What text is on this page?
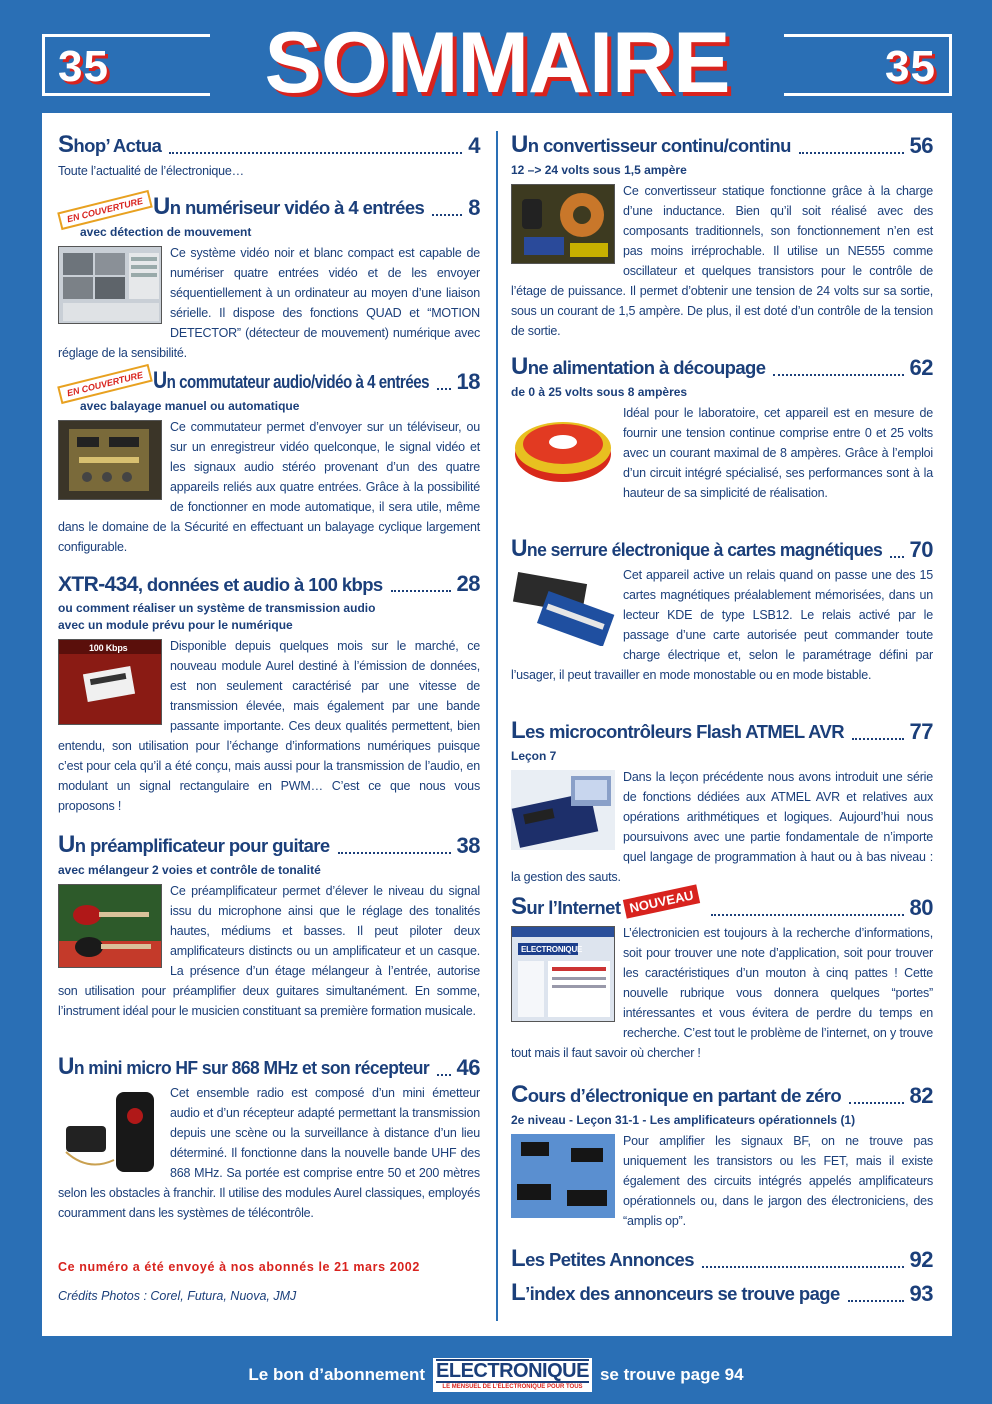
35	SOMMAIRE	35
Shop’ Actua	4
Toute l’actualité de l’électronique…
EN COUVERTURE Un numériseur vidéo à 4 entrées 8
avec détection de mouvement
Ce système vidéo noir et blanc compact est capable de numériser quatre entrées vidéo et de les envoyer séquentiellement à un ordinateur au moyen d’une liaison sérielle. Il dispose des fonctions QUAD et “MOTION DETECTOR” (détecteur de mouvement) numérique avec réglage de la sensibilité.
EN COUVERTURE Un commutateur audio/vidéo à 4 entrées 18
avec balayage manuel ou automatique
Ce commutateur permet d’envoyer sur un téléviseur, ou sur un enregistreur vidéo quelconque, le signal vidéo et les signaux audio stéréo provenant d’un des quatre appareils reliés aux quatre entrées. Grâce à la possibilité de fonctionner en mode automatique, il sera utile, même dans le domaine de la Sécurité en effectuant un balayage cyclique largement configurable.
XTR-434, données et audio à 100 kbps	28
ou comment réaliser un système de transmission audio avec un module prévu pour le numérique
100 Kbps	Disponible depuis quelques mois sur le marché, ce nouveau module Aurel destiné à l’émission de données, est non seulement caractérisé par une vitesse de transmission élevée, mais également par une bande passante importante. Ces deux qualités permettent, bien entendu, son utilisation pour l’échange d’informations numériques puisque c’est pour cela qu’il a été conçu, mais aussi pour la transmission de l’audio, en modulant un signal rectangulaire en PWM… C’est ce que nous vous proposons !
Un préamplificateur pour guitare	38
avec mélangeur 2 voies et contrôle de tonalité
Ce préamplificateur permet d’élever le niveau du signal issu du microphone ainsi que le réglage des tonalités hautes, médiums et basses. Il peut piloter deux amplificateurs distincts ou un amplificateur et un casque. La présence d’un étage mélangeur à l’entrée, autorise son utilisation pour préamplifier deux guitares simultanément. En somme, l’instrument idéal pour le musicien constituant sa première formation musicale.
Un mini micro HF sur 868 MHz et son récepteur 46
Cet ensemble radio est composé d’un mini émetteur audio et d’un récepteur adapté permettant la transmission depuis une scène ou la surveillance à distance d’un lieu déterminé. Il fonctionne dans la nouvelle bande UHF des 868 MHz. Sa portée est comprise entre 50 et 200 mètres selon les obstacles à franchir. Il utilise des modules Aurel classiques, employés couramment dans les systèmes de télécontrôle.
Ce numéro a été envoyé à nos abonnés le 21 mars 2002
Crédits Photos : Corel, Futura, Nuova, JMJ
Un convertisseur continu/continu	56
12 –> 24 volts sous 1,5 ampère
Ce convertisseur statique fonctionne grâce à la charge d’une inductance. Bien qu’il soit réalisé avec des composants traditionnels, son fonctionnement n’en est pas moins irréprochable. Il utilise un NE555 comme oscillateur et quelques transistors pour le contrôle de l’étage de puissance. Il permet d’obtenir une tension de 24 volts sur sa sortie, sous un courant de 1,5 ampère. De plus, il est doté d’un contrôle de la tension de sortie.
Une alimentation à découpage	62
de 0 à 25 volts sous 8 ampères
Idéal pour le laboratoire, cet appareil est en mesure de fournir une tension continue comprise entre 0 et 25 volts avec un courant maximal de 8 ampères. Grâce à l’emploi d’un circuit intégré spécialisé, ses performances sont à la hauteur de sa simplicité de réalisation.
Une serrure électronique à cartes magnétiques 70
Cet appareil active un relais quand on passe une des 15 cartes magnétiques préalablement mémorisées, dans un lecteur KDE de type LSB12. Le relais activé par le passage d’une carte autorisée peut commander toute charge électrique et, selon le paramétrage défini par l’usager, il peut travailler en mode monostable ou en mode bistable.
Les microcontrôleurs Flash ATMEL AVR	77
Leçon 7
Dans la leçon précédente nous avons introduit une série de fonctions dédiées aux ATMEL AVR et relatives aux opérations arithmétiques et logiques. Aujourd’hui nous poursuivons avec une partie fondamentale de n’importe quel langage de programmation à haut ou à bas niveau : la gestion des sauts.
Sur l’Internet NOUVEAU	80
ELECTRONIQUE
L’électronicien est toujours à la recherche d’informations, soit pour trouver une note d’application, soit pour trouver les caractéristiques d’un mouton à cinq pattes ! Cette nouvelle rubrique vous donnera quelques “portes” intéressantes et vous évitera de perdre du temps en recherche. C’est tout le problème de l’internet, on y trouve tout mais il faut savoir où chercher !
Cours d’électronique en partant de zéro	82
2e niveau - Leçon 31-1 - Les amplificateurs opérationnels (1)
Pour amplifier les signaux BF, on ne trouve pas uniquement les transistors ou les FET, mais il existe également des circuits intégrés appelés amplificateurs opérationnels ou, dans le jargon des électroniciens, des “amplis op”.
Les Petites Annonces	92
L’index des annonceurs se trouve page	93
Le bon d’abonnement ELECTRONIQUE
LE MENSUEL DE L’ÉLECTRONIQUE POUR TOUS
se trouve page 94
